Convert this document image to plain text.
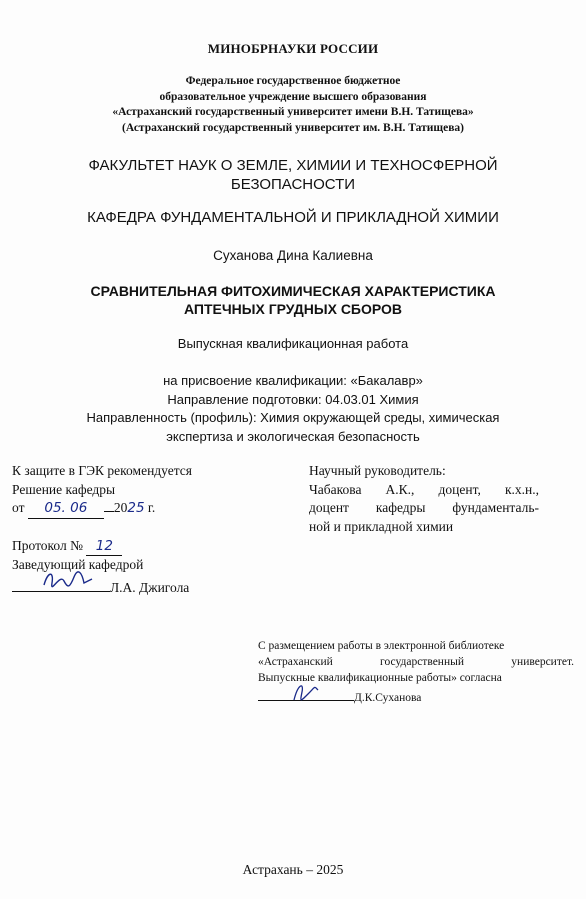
МИНОБРНАУКИ РОССИИ
Федеральное государственное бюджетное
образовательное учреждение высшего образования
«Астраханский государственный университет имени В.Н. Татищева»
(Астраханский государственный университет им. В.Н. Татищева)
ФАКУЛЬТЕТ НАУК О ЗЕМЛЕ, ХИМИИ И ТЕХНОСФЕРНОЙ БЕЗОПАСНОСТИ
КАФЕДРА ФУНДАМЕНТАЛЬНОЙ И ПРИКЛАДНОЙ ХИМИИ
Суханова Дина Калиевна
СРАВНИТЕЛЬНАЯ ФИТОХИМИЧЕСКАЯ ХАРАКТЕРИСТИКА
АПТЕЧНЫХ ГРУДНЫХ СБОРОВ
Выпускная квалификационная работа
на присвоение квалификации: «Бакалавр»
Направление подготовки: 04.03.01 Химия
Направленность (профиль): Химия окружающей среды, химическая
экспертиза и экологическая безопасность
К защите в ГЭК рекомендуется
Решение кафедры
от 05. 06 2025 г.
Протокол № 12
Заведующий кафедрой
Л.А. Джигола
Научный руководитель:
Чабакова А.К., доцент, к.х.н.,
доцент кафедры фундаменталь-
ной и прикладной химии
С размещением работы в электронной библиотеке
«Астраханский государственный университет.
Выпускные квалификационные работы» согласна
Д.К.Суханова
Астрахань – 2025
